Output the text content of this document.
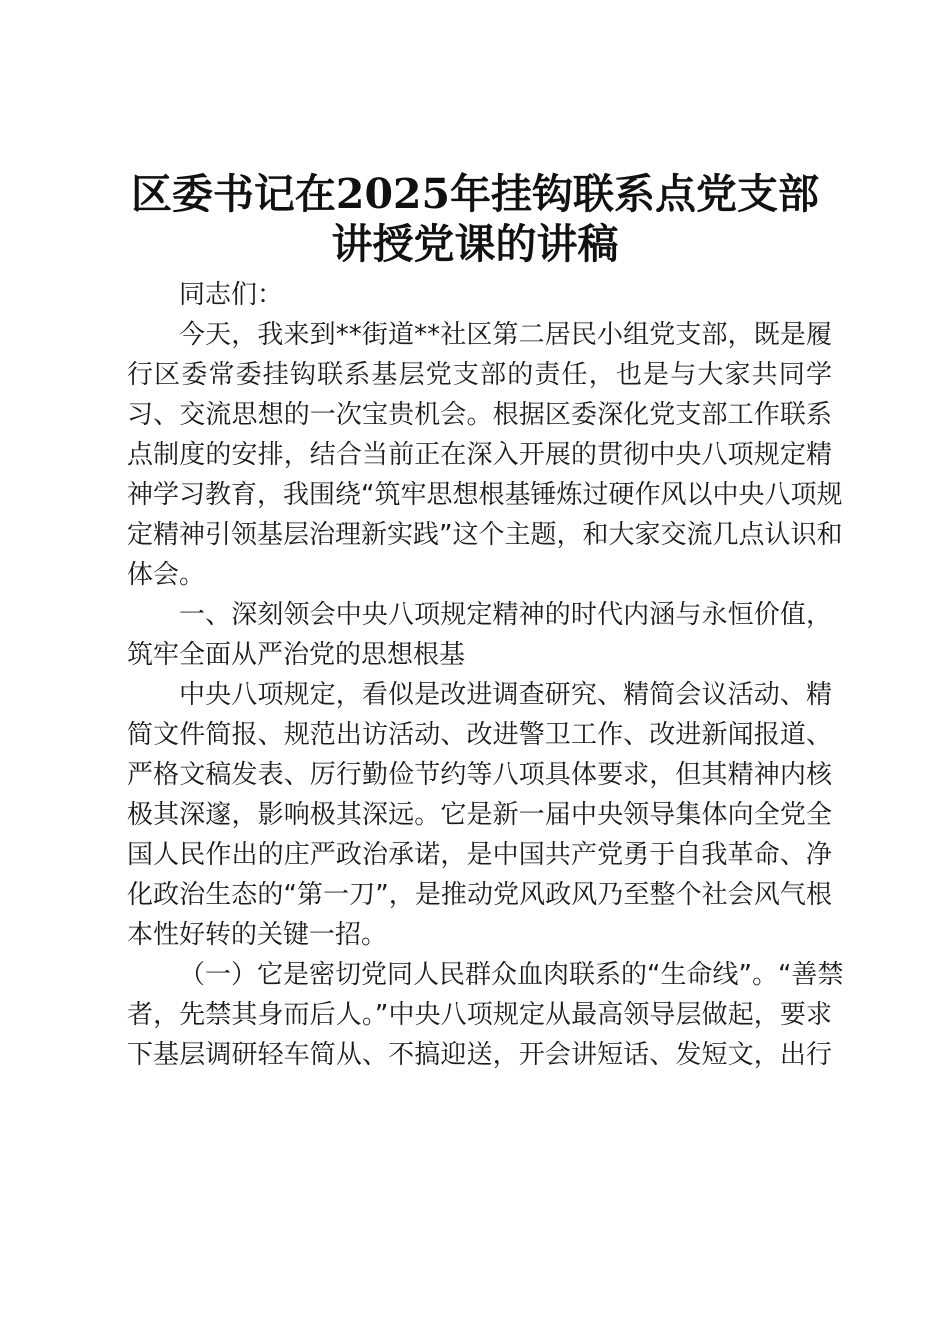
区委书记在2025年挂钩联系点党支部
讲授党课的讲稿
同志们：
今天，我来到**街道**社区第二居民小组党支部，既是履
行区委常委挂钩联系基层党支部的责任，也是与大家共同学
习、交流思想的一次宝贵机会。根据区委深化党支部工作联系
点制度的安排，结合当前正在深入开展的贯彻中央八项规定精
神学习教育，我围绕“筑牢思想根基锤炼过硬作风以中央八项规
定精神引领基层治理新实践”这个主题，和大家交流几点认识和
体会。
一、深刻领会中央八项规定精神的时代内涵与永恒价值，
筑牢全面从严治党的思想根基
中央八项规定，看似是改进调查研究、精简会议活动、精
简文件简报、规范出访活动、改进警卫工作、改进新闻报道、
严格文稿发表、厉行勤俭节约等八项具体要求，但其精神内核
极其深邃，影响极其深远。它是新一届中央领导集体向全党全
国人民作出的庄严政治承诺，是中国共产党勇于自我革命、净
化政治生态的“第一刀”，是推动党风政风乃至整个社会风气根
本性好转的关键一招。
（一）它是密切党同人民群众血肉联系的“生命线”。“善禁
者，先禁其身而后人。”中央八项规定从最高领导层做起，要求
下基层调研轻车简从、不搞迎送，开会讲短话、发短文，出行
